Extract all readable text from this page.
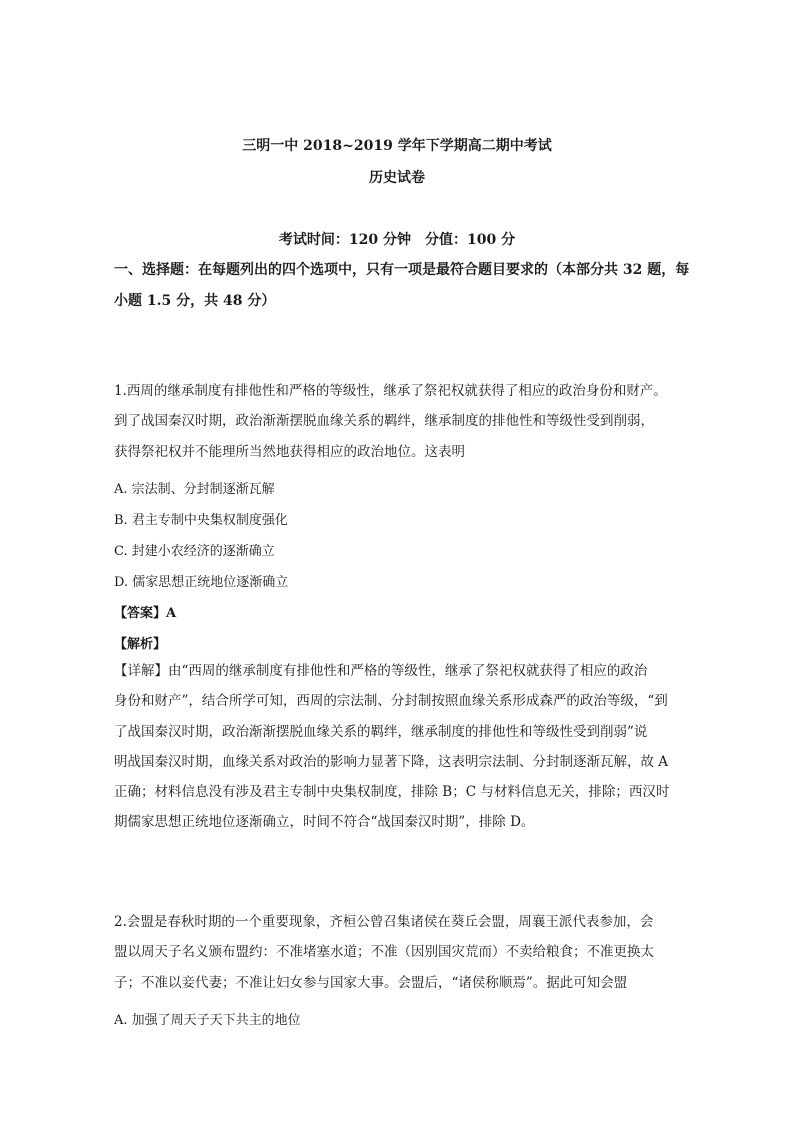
三明一中 2018~2019 学年下学期高二期中考试
历史试卷
考试时间：120 分钟　分值：100 分
一、选择题：在每题列出的四个选项中，只有一项是最符合题目要求的（本部分共 32 题，每
小题 1.5 分，共 48 分）
1.西周的继承制度有排他性和严格的等级性，继承了祭祀权就获得了相应的政治身份和财产。
到了战国秦汉时期，政治渐渐摆脱血缘关系的羁绊，继承制度的排他性和等级性受到削弱，
获得祭祀权并不能理所当然地获得相应的政治地位。这表明
A. 宗法制、分封制逐渐瓦解
B. 君主专制中央集权制度强化
C. 封建小农经济的逐渐确立
D. 儒家思想正统地位逐渐确立
【答案】A
【解析】
【详解】由“西周的继承制度有排他性和严格的等级性，继承了祭祀权就获得了相应的政治
身份和财产”，结合所学可知，西周的宗法制、分封制按照血缘关系形成森严的政治等级，“到
了战国秦汉时期，政治渐渐摆脱血缘关系的羁绊，继承制度的排他性和等级性受到削弱”说
明战国秦汉时期，血缘关系对政治的影响力显著下降，这表明宗法制、分封制逐渐瓦解，故 A
正确；材料信息没有涉及君主专制中央集权制度，排除 B；C 与材料信息无关，排除；西汉时
期儒家思想正统地位逐渐确立，时间不符合“战国秦汉时期”，排除 D。
2.会盟是春秋时期的一个重要现象，齐桓公曾召集诸侯在葵丘会盟，周襄王派代表参加，会
盟以周天子名义颁布盟约：不准堵塞水道；不准（因别国灾荒而）不卖给粮食；不准更换太
子；不准以妾代妻；不准让妇女参与国家大事。会盟后，“诸侯称顺焉”。据此可知会盟
A. 加强了周天子天下共主的地位
